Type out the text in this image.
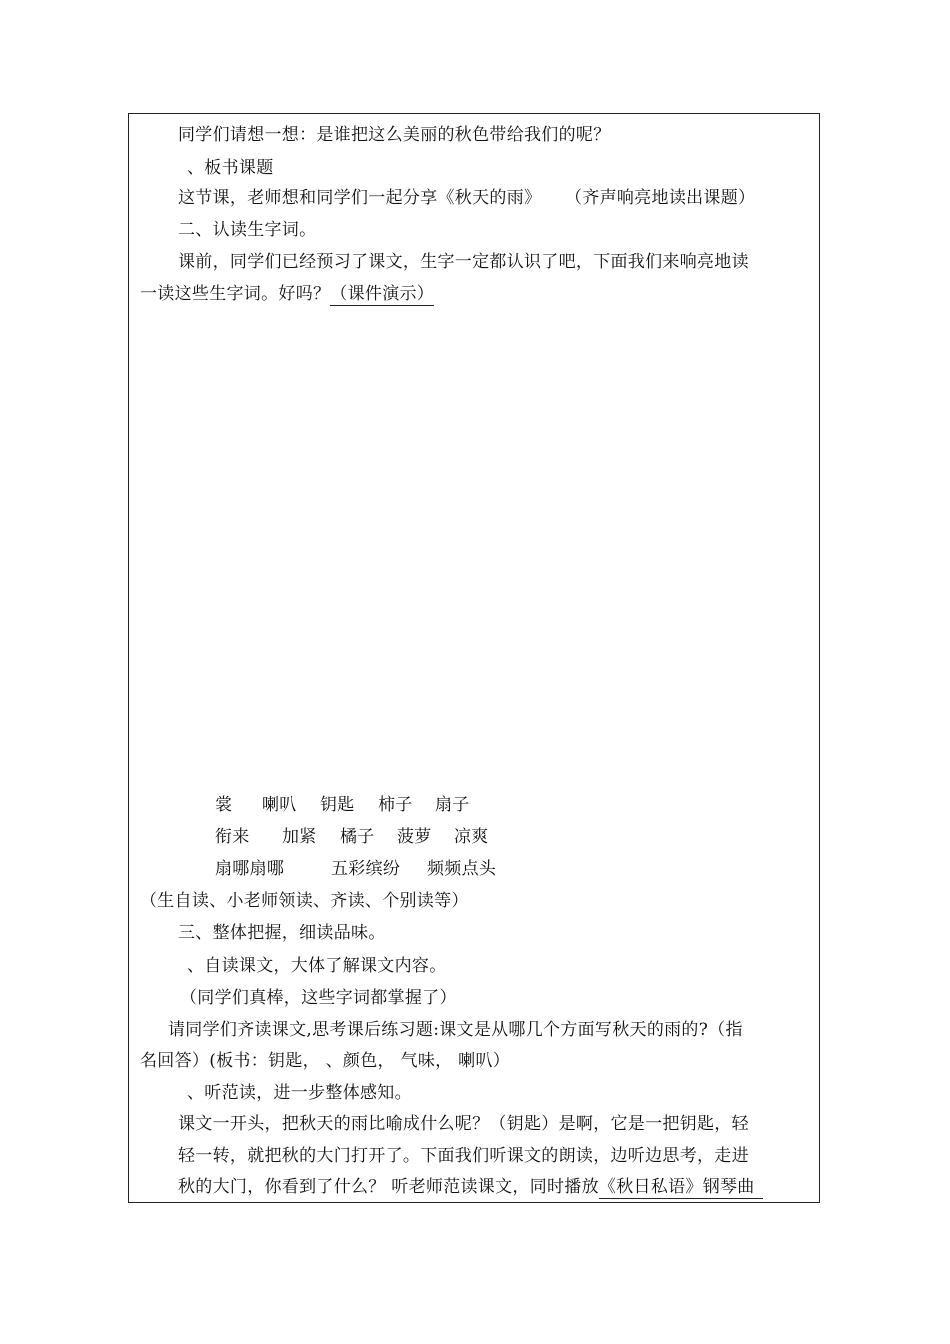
同学们请想一想：是谁把这么美丽的秋色带给我们的呢？
、板书课题
这节课，老师想和同学们一起分享《秋天的雨》 （齐声响亮地读出课题）
二、认读生字词。
课前，同学们已经预习了课文，生字一定都认识了吧，下面我们来响亮地读
一读这些生字词。好吗？（课件演示）
裳 喇叭 钥匙 柿子 扇子
衔来 加紧 橘子 菠萝 凉爽
扇哪扇哪	五彩缤纷 频频点头
（生自读、小老师领读、齐读、个别读等）
三、整体把握，细读品味。
、自读课文，大体了解课文内容。
（同学们真棒，这些字词都掌握了）
请同学们齐读课文,思考课后练习题:课文是从哪几个方面写秋天的雨的?（指
名回答）(板书：钥匙， 、颜色， 气味， 喇叭）
、听范读，进一步整体感知。
课文一开头，把秋天的雨比喻成什么呢？（钥匙）是啊，它是一把钥匙，轻
轻一转，就把秋的大门打开了。下面我们听课文的朗读，边听边思考，走进
秋的大门，你看到了什么？ 听老师范读课文，同时播放《秋日私语》钢琴曲
